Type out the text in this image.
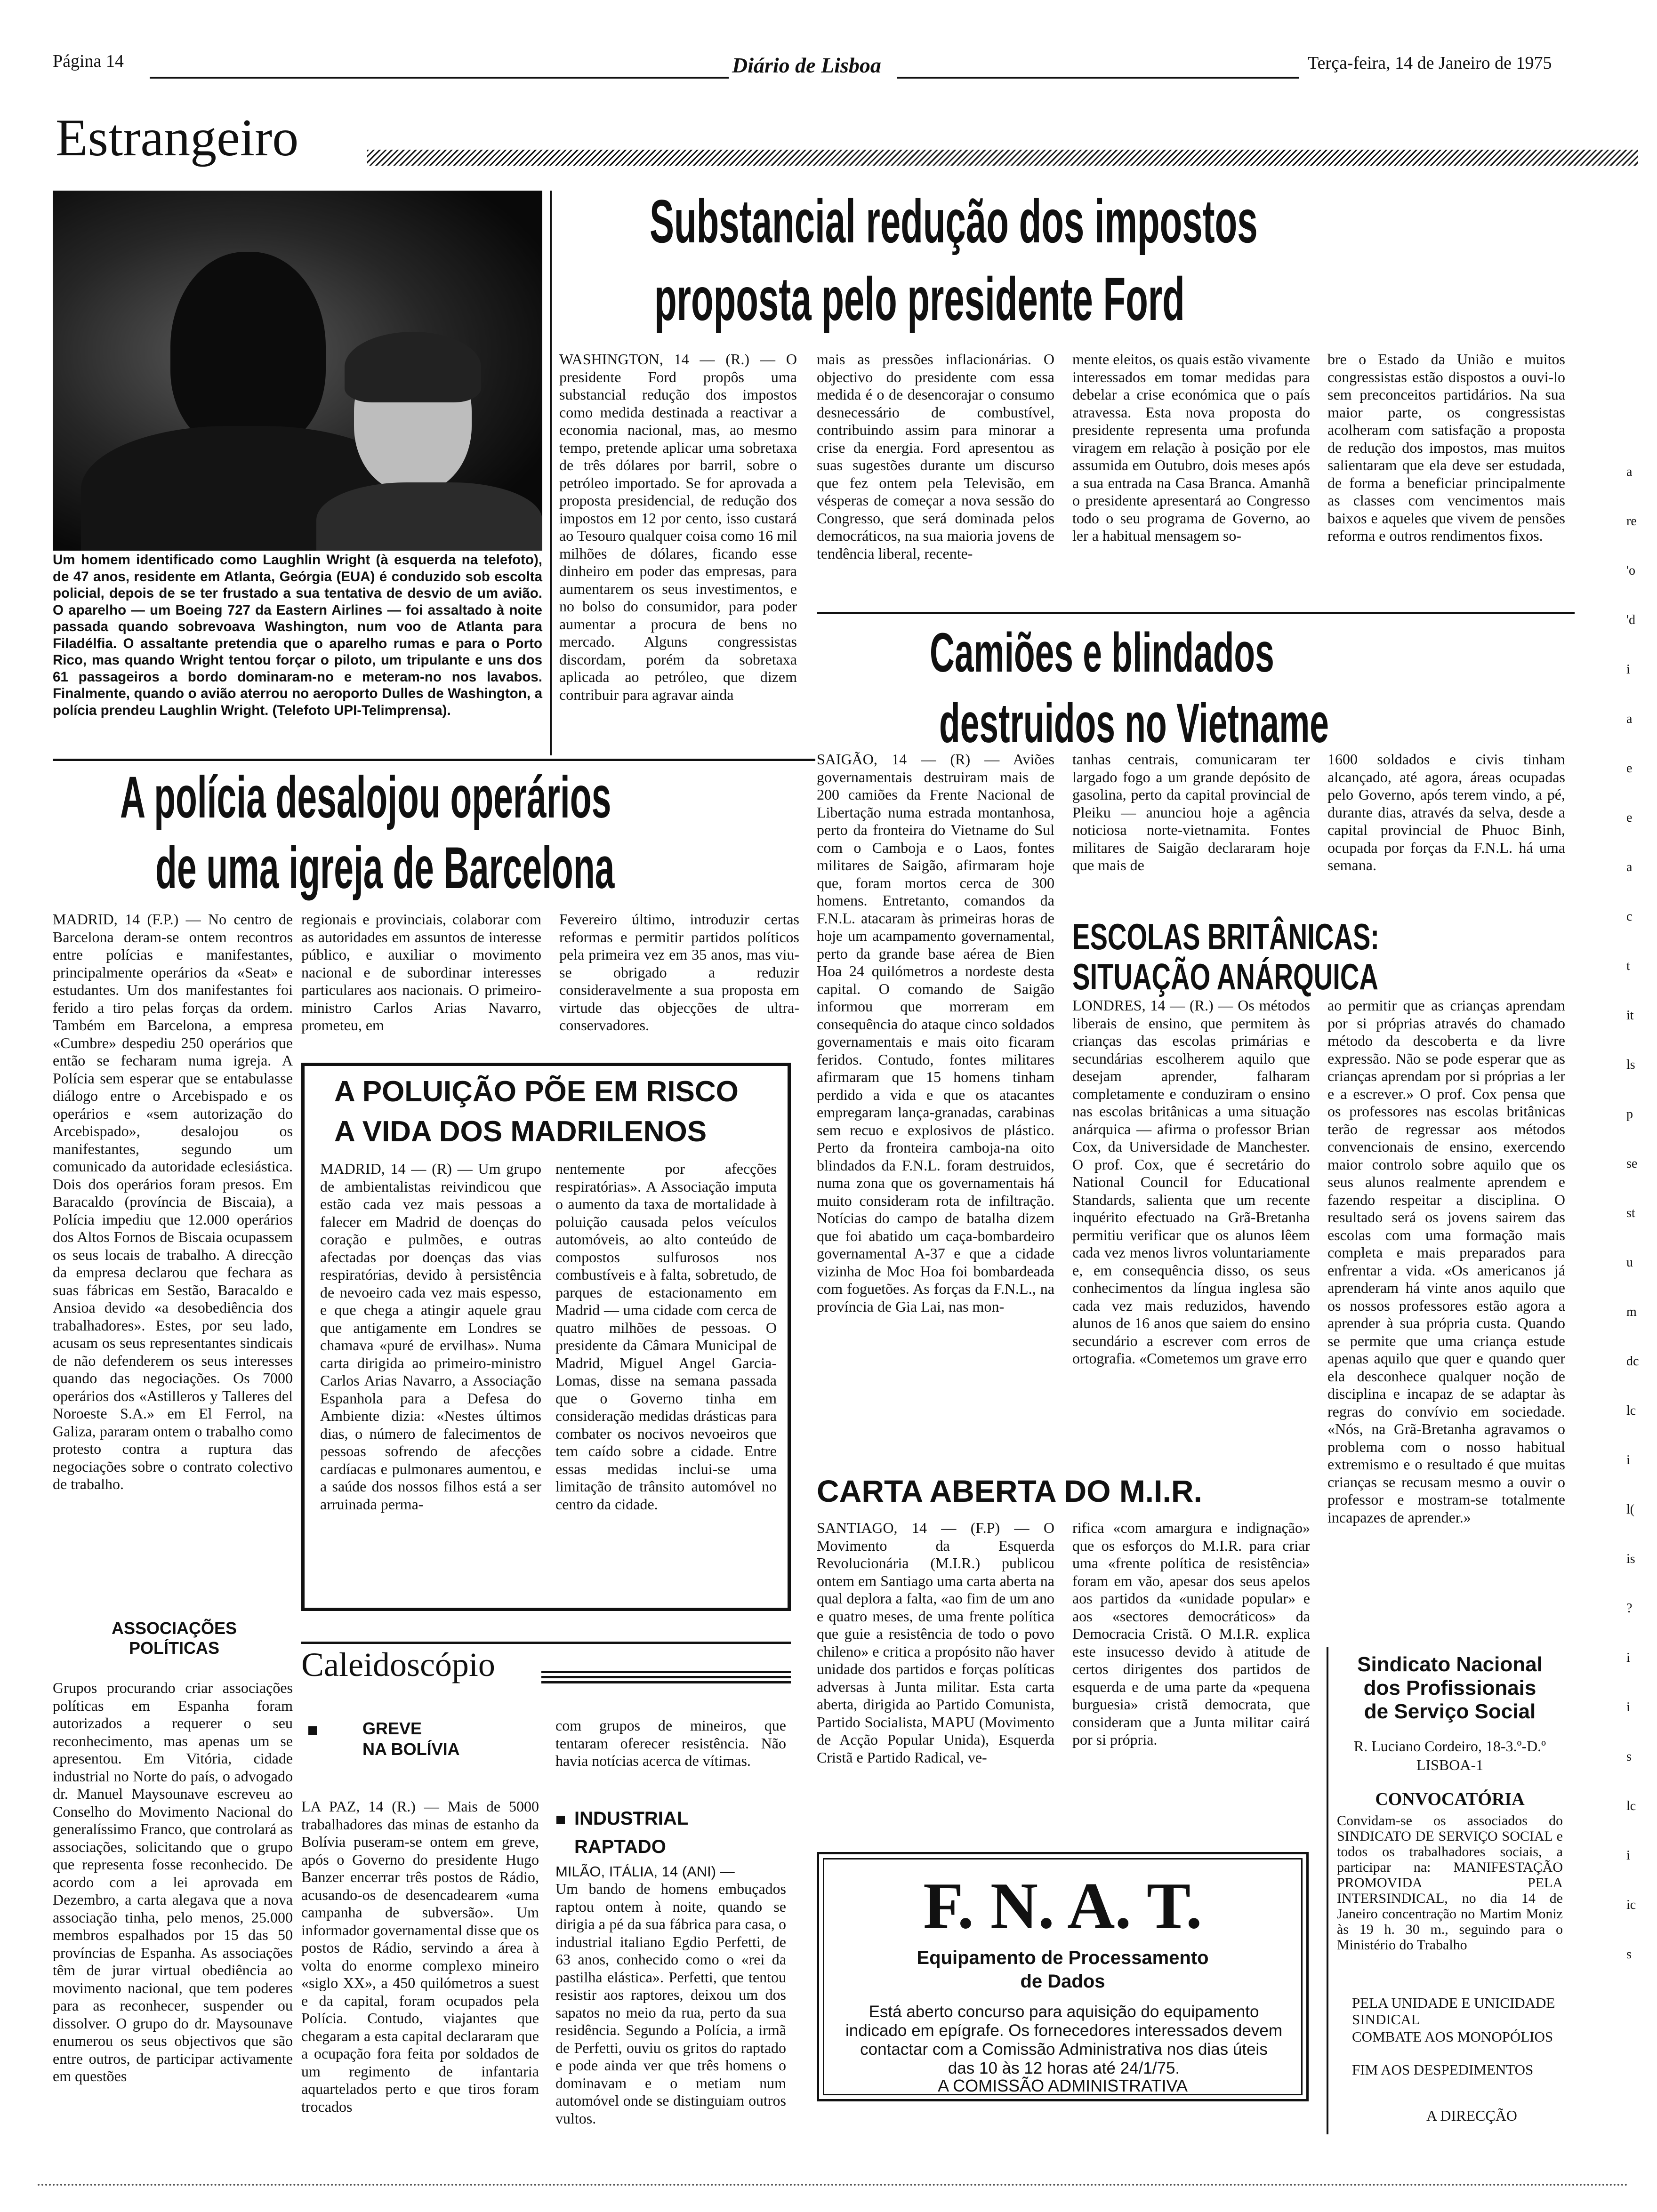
Página 14	Diário de Lisboa	Terça-feira, 14 de Janeiro de 1975
Estrangeiro
Um homem identificado como Laughlin Wright (à esquerda na telefoto), de 47 anos, residente em Atlanta, Geórgia (EUA) é conduzido sob escolta policial, depois de se ter frustado a sua tentativa de desvio de um avião. O aparelho — um Boeing 727 da Eastern Airlines — foi assaltado à noite passada quando sobrevoava Washington, num voo de Atlanta para Filadélfia. O assaltante pretendia que o aparelho rumas e para o Porto Rico, mas quando Wright tentou forçar o piloto, um tripulante e uns dos 61 passageiros a bordo dominaram-no e meteram-no nos lavabos. Finalmente, quando o avião aterrou no aeroporto Dulles de Washington, a polícia prendeu Laughlin Wright. (Telefoto UPI-Telimprensa).
Substancial redução dos impostos
proposta pelo presidente Ford
WASHINGTON, 14 — (R.) — O presidente Ford propôs uma substancial redução dos impostos como medida destinada a reactivar a economia nacional, mas, ao mesmo tempo, pretende aplicar uma sobretaxa de três dólares por barril, sobre o petróleo importado. Se for aprovada a proposta presidencial, de redução dos impostos em 12 por cento, isso custará ao Tesouro qualquer coisa como 16 mil milhões de dólares, ficando esse dinheiro em poder das empresas, para aumentarem os seus investimentos, e no bolso do consumidor, para poder aumentar a procura de bens no mercado. Alguns congressistas discordam, porém da sobretaxa aplicada ao petróleo, que dizem contribuir para agravar ainda
mais as pressões inflacionárias. O objectivo do presidente com essa medida é o de desencorajar o consumo desnecessário de combustível, contribuindo assim para minorar a crise da energia. Ford apresentou as suas sugestões durante um discurso que fez ontem pela Televisão, em vésperas de começar a nova sessão do Congresso, que será dominada pelos democráticos, na sua maioria jovens de tendência liberal, recente-
mente eleitos, os quais estão vivamente interessados em tomar medidas para debelar a crise económica que o país atravessa. Esta nova proposta do presidente representa uma profunda viragem em relação à posição por ele assumida em Outubro, dois meses após a sua entrada na Casa Branca. Amanhã o presidente apresentará ao Congresso todo o seu programa de Governo, ao ler a habitual mensagem so-
bre o Estado da União e muitos congressistas estão dispostos a ouvi-lo sem preconceitos partidários. Na sua maior parte, os congressistas acolheram com satisfação a proposta de redução dos impostos, mas muitos salientaram que ela deve ser estudada, de forma a beneficiar principalmente as classes com vencimentos mais baixos e aqueles que vivem de pensões reforma e outros rendimentos fixos.
Camiões e blindados
destruidos no Vietname
SAIGÃO, 14 — (R) — Aviões governamentais destruiram mais de 200 camiões da Frente Nacional de Libertação numa estrada montanhosa, perto da fronteira do Vietname do Sul com o Camboja e o Laos, fontes militares de Saigão, afirmaram hoje que, foram mortos cerca de 300 homens. Entretanto, comandos da F.N.L. atacaram às primeiras horas de hoje um acampamento governamental, perto da grande base aérea de Bien Hoa 24 quilómetros a nordeste desta capital. O comando de Saigão informou que morreram em consequência do ataque cinco soldados governamentais e mais oito ficaram feridos. Contudo, fontes militares afirmaram que 15 homens tinham perdido a vida e que os atacantes empregaram lança-granadas, carabinas sem recuo e explosivos de plástico. Perto da fronteira camboja-na oito blindados da F.N.L. foram destruidos, numa zona que os governamentais há muito consideram rota de infiltração. Notícias do campo de batalha dizem que foi abatido um caça-bombardeiro governamental A-37 e que a cidade vizinha de Moc Hoa foi bombardeada com foguetões. As forças da F.N.L., na província de Gia Lai, nas mon-
tanhas centrais, comunicaram ter largado fogo a um grande depósito de gasolina, perto da capital provincial de Pleiku — anunciou hoje a agência noticiosa norte-vietnamita. Fontes militares de Saigão declararam hoje que mais de
1600 soldados e civis tinham alcançado, até agora, áreas ocupadas pelo Governo, após terem vindo, a pé, durante dias, através da selva, desde a capital provincial de Phuoc Binh, ocupada por forças da F.N.L. há uma semana.
ESCOLAS BRITÂNICAS:
SITUAÇÃO ANÁRQUICA
LONDRES, 14 — (R.) — Os métodos liberais de ensino, que permitem às crianças das escolas primárias e secundárias escolherem aquilo que desejam aprender, falharam completamente e conduziram o ensino nas escolas britânicas a uma situação anárquica — afirma o professor Brian Cox, da Universidade de Manchester. O prof. Cox, que é secretário do National Council for Educational Standards, salienta que um recente inquérito efectuado na Grã-Bretanha permitiu verificar que os alunos lêem cada vez menos livros voluntariamente e, em consequência disso, os seus conhecimentos da língua inglesa são cada vez mais reduzidos, havendo alunos de 16 anos que saiem do ensino secundário a escrever com erros de ortografia. «Cometemos um grave erro
ao permitir que as crianças aprendam por si próprias através do chamado método da descoberta e da livre expressão. Não se pode esperar que as crianças aprendam por si próprias a ler e a escrever.» O prof. Cox pensa que os professores nas escolas britânicas terão de regressar aos métodos convencionais de ensino, exercendo maior controlo sobre aquilo que os seus alunos realmente aprendem e fazendo respeitar a disciplina. O resultado será os jovens sairem das escolas com uma formação mais completa e mais preparados para enfrentar a vida. «Os americanos já aprenderam há vinte anos aquilo que os nossos professores estão agora a aprender à sua própria custa. Quando se permite que uma criança estude apenas aquilo que quer e quando quer ela desconhece qualquer noção de disciplina e incapaz de se adaptar às regras do convívio em sociedade. «Nós, na Grã-Bretanha agravamos o problema com o nosso habitual extremismo e o resultado é que muitas crianças se recusam mesmo a ouvir o professor e mostram-se totalmente incapazes de aprender.»
A polícia desalojou operários
de uma igreja de Barcelona
MADRID, 14 (F.P.) — No centro de Barcelona deram-se ontem recontros entre polícias e manifestantes, principalmente operários da «Seat» e estudantes. Um dos manifestantes foi ferido a tiro pelas forças da ordem. Também em Barcelona, a empresa «Cumbre» despediu 250 operários que então se fecharam numa igreja. A Polícia sem esperar que se entabulasse diálogo entre o Arcebispado e os operários e «sem autorização do Arcebispado», desalojou os manifestantes, segundo um comunicado da autoridade eclesiástica. Dois dos operários foram presos. Em Baracaldo (província de Biscaia), a Polícia impediu que 12.000 operários dos Altos Fornos de Biscaia ocupassem os seus locais de trabalho. A direcção da empresa declarou que fechara as suas fábricas em Sestão, Baracaldo e Ansioa devido «a desobediência dos trabalhadores». Estes, por seu lado, acusam os seus representantes sindicais de não defenderem os seus interesses quando das negociações. Os 7000 operários dos «Astilleros y Talleres del Noroeste S.A.» em El Ferrol, na Galiza, pararam ontem o trabalho como protesto contra a ruptura das negociações sobre o contrato colectivo de trabalho.
regionais e provinciais, colaborar com as autoridades em assuntos de interesse público, e auxiliar o movimento nacional e de subordinar interesses particulares aos nacionais. O primeiro-ministro Carlos Arias Navarro, prometeu, em
Fevereiro último, introduzir certas reformas e permitir partidos políticos pela primeira vez em 35 anos, mas viu-se obrigado a reduzir consideravelmente a sua proposta em virtude das objecções de ultra-conservadores.
ASSOCIAÇÕES
POLÍTICAS
Grupos procurando criar associações políticas em Espanha foram autorizados a requerer o seu reconhecimento, mas apenas um se apresentou. Em Vitória, cidade industrial no Norte do país, o advogado dr. Manuel Maysounave escreveu ao Conselho do Movimento Nacional do generalíssimo Franco, que controlará as associações, solicitando que o grupo que representa fosse reconhecido. De acordo com a lei aprovada em Dezembro, a carta alegava que a nova associação tinha, pelo menos, 25.000 membros espalhados por 15 das 50 províncias de Espanha. As associações têm de jurar virtual obediência ao movimento nacional, que tem poderes para as reconhecer, suspender ou dissolver. O grupo do dr. Maysounave enumerou os seus objectivos que são entre outros, de participar activamente em questões
A POLUIÇÃO PÕE EM RISCO
A VIDA DOS MADRILENOS
MADRID, 14 — (R) — Um grupo de ambientalistas reivindicou que estão cada vez mais pessoas a falecer em Madrid de doenças do coração e pulmões, e outras afectadas por doenças das vias respiratórias, devido à persistência de nevoeiro cada vez mais espesso, e que chega a atingir aquele grau que antigamente em Londres se chamava «puré de ervilhas». Numa carta dirigida ao primeiro-ministro Carlos Arias Navarro, a Associação Espanhola para a Defesa do Ambiente dizia: «Nestes últimos dias, o número de falecimentos de pessoas sofrendo de afecções cardíacas e pulmonares aumentou, e a saúde dos nossos filhos está a ser arruinada perma-
nentemente por afecções respiratórias». A Associação imputa o aumento da taxa de mortalidade à poluição causada pelos veículos automóveis, ao alto conteúdo de compostos sulfurosos nos combustíveis e à falta, sobretudo, de parques de estacionamento em Madrid — uma cidade com cerca de quatro milhões de pessoas. O presidente da Câmara Municipal de Madrid, Miguel Angel Garcia-Lomas, disse na semana passada que o Governo tinha em consideração medidas drásticas para combater os nocivos nevoeiros que tem caído sobre a cidade. Entre essas medidas inclui-se uma limitação de trânsito automóvel no centro da cidade.	CARTA ABERTA DO M.I.R.
SANTIAGO, 14 — (F.P) — O Movimento da Esquerda Revolucionária (M.I.R.) publicou ontem em Santiago uma carta aberta na qual deplora a falta, «ao fim de um ano e quatro meses, de uma frente política que guie a resistência de todo o povo chileno» e critica a propósito não haver unidade dos partidos e forças políticas adversas à Junta militar. Esta carta aberta, dirigida ao Partido Comunista, Partido Socialista, MAPU (Movimento de Acção Popular Unida), Esquerda Cristã e Partido Radical, ve-
rifica «com amargura e indignação» que os esforços do M.I.R. para criar uma «frente política de resistência» foram em vão, apesar dos seus apelos aos partidos da «unidade popular» e aos «sectores democráticos» da Democracia Cristã. O M.I.R. explica este insucesso devido à atitude de certos dirigentes dos partidos de esquerda e de uma parte da «pequena burguesia» cristã democrata, que consideram que a Junta militar cairá por si própria.
Caleidoscópio
GREVE
NA BOLÍVIA
LA PAZ, 14 (R.) — Mais de 5000 trabalhadores das minas de estanho da Bolívia puseram-se ontem em greve, após o Governo do presidente Hugo Banzer encerrar três postos de Rádio, acusando-os de desencadearem «uma campanha de subversão». Um informador governamental disse que os postos de Rádio, servindo a área à volta do enorme complexo mineiro «siglo XX», a 450 quilómetros a suest e da capital, foram ocupados pela Polícia. Contudo, viajantes que chegaram a esta capital declararam que a ocupação fora feita por soldados de um regimento de infantaria aquartelados perto e que tiros foram trocados
com grupos de mineiros, que tentaram oferecer resistência. Não havia notícias acerca de vítimas.
INDUSTRIAL
RAPTADO
MILÃO, ITÁLIA, 14 (ANI) —
Um bando de homens embuçados raptou ontem à noite, quando se dirigia a pé da sua fábrica para casa, o industrial italiano Egdio Perfetti, de 63 anos, conhecido como o «rei da pastilha elástica». Perfetti, que tentou resistir aos raptores, deixou um dos sapatos no meio da rua, perto da sua residência. Segundo a Polícia, a irmã de Perfetti, ouviu os gritos do raptado e pode ainda ver que três homens o dominavam e o metiam num automóvel onde se distinguiam outros vultos.
F. N. A. T.
Equipamento de Processamento
de Dados
Está aberto concurso para aquisição do equipamento indicado em epígrafe. Os fornecedores interessados devem contactar com a Comissão Administrativa nos dias úteis das 10 às 12 horas até 24/1/75.
A COMISSÃO ADMINISTRATIVA
Sindicato Nacional
dos Profissionais
de Serviço Social
R. Luciano Cordeiro, 18-3.º-D.º
LISBOA-1
CONVOCATÓRIA
Convidam-se os associados do SINDICATO DE SERVIÇO SOCIAL e todos os trabalhadores sociais, a participar na: MANIFESTAÇÃO PROMOVIDA PELA INTERSINDICAL, no dia 14 de Janeiro concentração no Martim Moniz às 19 h. 30 m., seguindo para o Ministério do Trabalho
PELA UNIDADE E UNICIDADE SINDICAL
COMBATE AOS MONOPÓLIOS
FIM AOS DESPEDIMENTOS
A DIRECÇÃO
a
re
'o
'd
i
a
e
e
a
c
t
it
ls
p
se
st
u
m
dc
lc
i
l(
is
?
i
i
s
lc
i
ic
s
